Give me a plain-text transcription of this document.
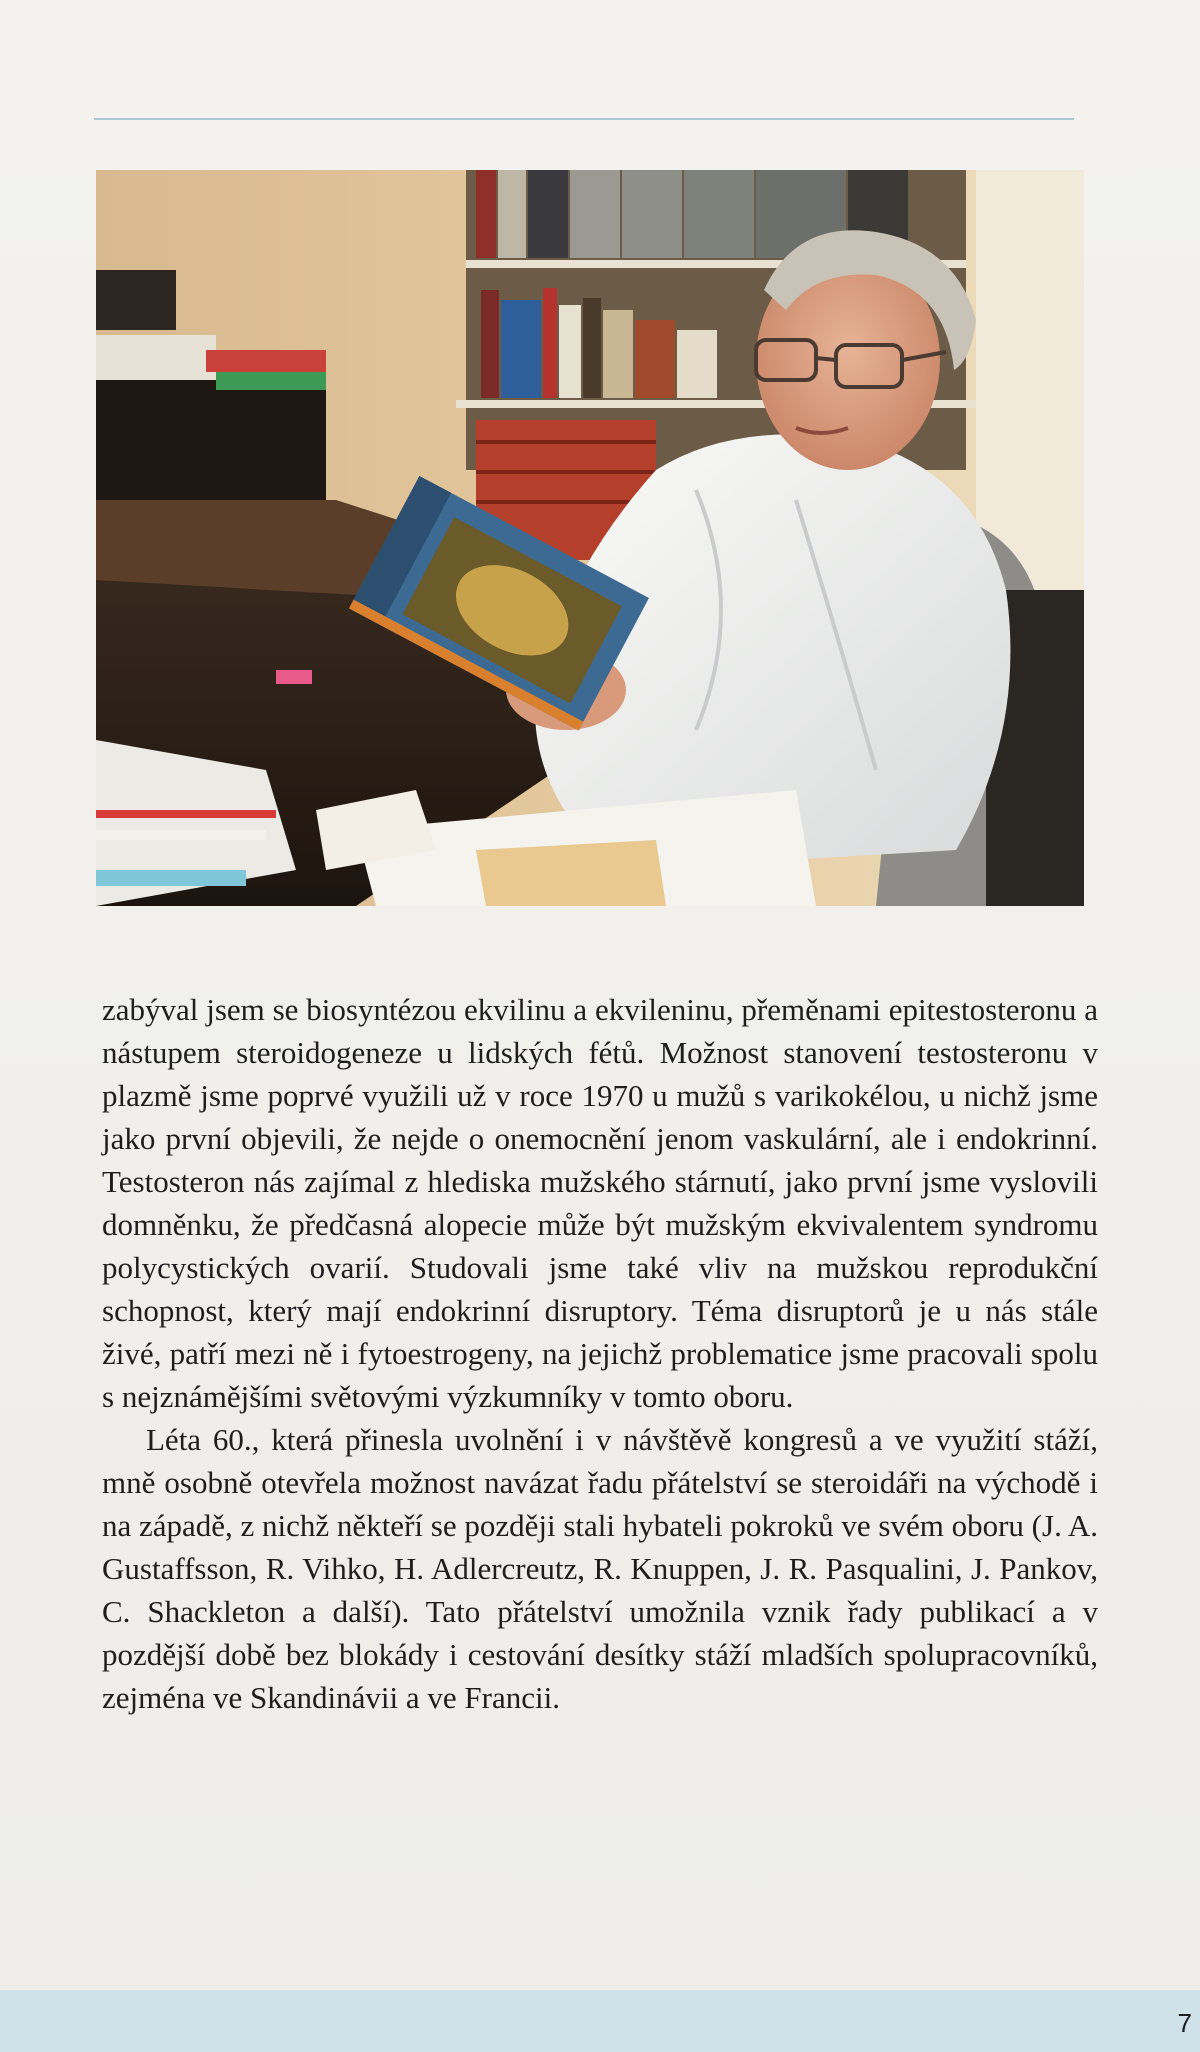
zabýval jsem se biosyntézou ekvilinu a ekvileninu, přeměnami epitestosteronu a nástupem steroidogeneze u lidských fétů. Možnost stanovení testosteronu v plazmě jsme poprvé využili už v roce 1970 u mužů s varikokélou, u nichž jsme jako první objevili, že nejde o onemocnění jenom vaskulární, ale i endokrinní. Testosteron nás zajímal z hlediska mužského stárnutí, jako první jsme vyslovili domněnku, že předčasná alopecie může být mužským ekvivalentem syndromu polycystických ovarií. Studovali jsme také vliv na mužskou reprodukční schopnost, který mají endokrinní disruptory. Téma disruptorů je u nás stále živé, patří mezi ně i fytoestrogeny, na jejichž problematice jsme pracovali spolu s nejznámějšími světovými výzkumníky v tomto oboru.

Léta 60., která přinesla uvolnění i v návštěvě kongresů a ve využití stáží, mně osobně otevřela možnost navázat řadu přátelství se steroidáři na východě i na západě, z nichž někteří se později stali hybateli pokroků ve svém oboru (J. A. Gustaffsson, R. Vihko, H. Adlercreutz, R. Knuppen, J. R. Pasqualini, J. Pankov, C. Shackleton a další). Tato přátelství umožnila vznik řady publikací a v pozdější době bez blokády i cestování desítky stáží mladších spolupracovníků, zejména ve Skandinávii a ve Francii.

7
